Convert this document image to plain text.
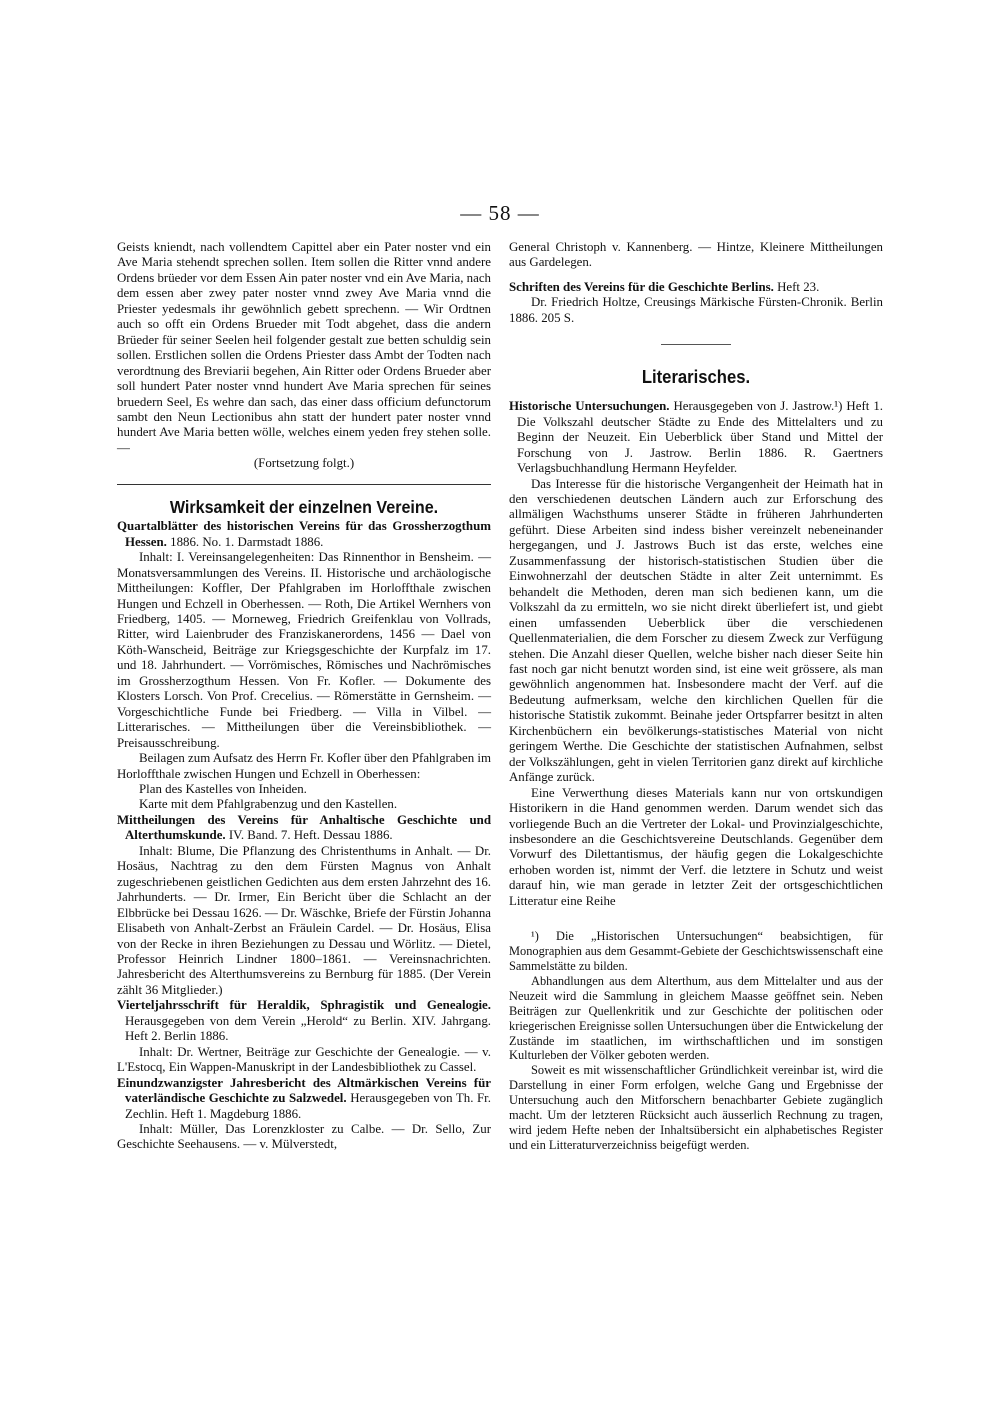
— 58 —

Geists kniendt, nach vollendtem Capittel aber ein Pater noster vnd ein Ave Maria stehendt sprechen sollen. Item sollen die Ritter vnnd andere Ordens brüeder vor dem Essen Ain pater noster vnd ein Ave Maria, nach dem essen aber zwey pater noster vnnd zwey Ave Maria vnnd die Priester yedesmals ihr gewöhnlich gebett sprechenn. — Wir Ordtnen auch so offt ein Ordens Brueder mit Todt abgehet, dass die andern Brüeder für seiner Seelen heil folgender gestalt zue betten schuldig sein sollen. Erstlichen sollen die Ordens Priester dass Ambt der Todten nach verordtnung des Breviarii begehen, Ain Ritter oder Ordens Brueder aber soll hundert Pater noster vnnd hundert Ave Maria sprechen für seines bruedern Seel, Es wehre dan sach, das einer dass officium defunctorum sambt den Neun Lectionibus ahn statt der hundert pater noster vnnd hundert Ave Maria betten wölle, welches einem yeden frey stehen solle. —

(Fortsetzung folgt.)

Wirksamkeit der einzelnen Vereine.

Quartalblätter des historischen Vereins für das Grossherzogthum Hessen. 1886. No. 1. Darmstadt 1886.

Inhalt: I. Vereinsangelegenheiten: Das Rinnenthor in Bensheim. — Monatsversammlungen des Vereins. II. Historische und archäologische Mittheilungen: Koffler, Der Pfahlgraben im Horloffthale zwischen Hungen und Echzell in Oberhessen. — Roth, Die Artikel Wernhers von Friedberg, 1405. — Morneweg, Friedrich Greifenklau von Vollrads, Ritter, wird Laienbruder des Franziskanerordens, 1456 — Dael von Köth-Wanscheid, Beiträge zur Kriegsgeschichte der Kurpfalz im 17. und 18. Jahrhundert. — Vorrömisches, Römisches und Nachrömisches im Grossherzogthum Hessen. Von Fr. Kofler. — Dokumente des Klosters Lorsch. Von Prof. Crecelius. — Römerstätte in Gernsheim. — Vorgeschichtliche Funde bei Friedberg. — Villa in Vilbel. — Litterarisches. — Mittheilungen über die Vereinsbibliothek. — Preisausschreibung.

Beilagen zum Aufsatz des Herrn Fr. Kofler über den Pfahlgraben im Horloffthale zwischen Hungen und Echzell in Oberhessen:

Plan des Kastelles von Inheiden.

Karte mit dem Pfahlgrabenzug und den Kastellen.

Mittheilungen des Vereins für Anhaltische Geschichte und Alterthumskunde. IV. Band. 7. Heft. Dessau 1886.

Inhalt: Blume, Die Pflanzung des Christenthums in Anhalt. — Dr. Hosäus, Nachtrag zu den dem Fürsten Magnus von Anhalt zugeschriebenen geistlichen Gedichten aus dem ersten Jahrzehnt des 16. Jahrhunderts. — Dr. Irmer, Ein Bericht über die Schlacht an der Elbbrücke bei Dessau 1626. — Dr. Wäschke, Briefe der Fürstin Johanna Elisabeth von Anhalt-Zerbst an Fräulein Cardel. — Dr. Hosäus, Elisa von der Recke in ihren Beziehungen zu Dessau und Wörlitz. — Dietel, Professor Heinrich Lindner 1800–1861. — Vereinsnachrichten. Jahresbericht des Alterthumsvereins zu Bernburg für 1885. (Der Verein zählt 36 Mitglieder.)

Vierteljahrsschrift für Heraldik, Sphragistik und Genealogie. Herausgegeben von dem Verein „Herold“ zu Berlin. XIV. Jahrgang. Heft 2. Berlin 1886.

Inhalt: Dr. Wertner, Beiträge zur Geschichte der Genealogie. — v. L'Estocq, Ein Wappen-Manuskript in der Landesbibliothek zu Cassel.

Einundzwanzigster Jahresbericht des Altmärkischen Vereins für vaterländische Geschichte zu Salzwedel. Herausgegeben von Th. Fr. Zechlin. Heft 1. Magdeburg 1886.

Inhalt: Müller, Das Lorenzkloster zu Calbe. — Dr. Sello, Zur Geschichte Seehausens. — v. Mülverstedt,

General Christoph v. Kannenberg. — Hintze, Kleinere Mittheilungen aus Gardelegen.

Schriften des Vereins für die Geschichte Berlins. Heft 23.

Dr. Friedrich Holtze, Creusings Märkische Fürsten-Chronik. Berlin 1886. 205 S.

Literarisches.

Historische Untersuchungen. Herausgegeben von J. Jastrow.¹) Heft 1. Die Volkszahl deutscher Städte zu Ende des Mittelalters und zu Beginn der Neuzeit. Ein Ueberblick über Stand und Mittel der Forschung von J. Jastrow. Berlin 1886. R. Gaertners Verlagsbuchhandlung Hermann Heyfelder.

Das Interesse für die historische Vergangenheit der Heimath hat in den verschiedenen deutschen Ländern auch zur Erforschung des allmäligen Wachsthums unserer Städte in früheren Jahrhunderten geführt. Diese Arbeiten sind indess bisher vereinzelt nebeneinander hergegangen, und J. Jastrows Buch ist das erste, welches eine Zusammenfassung der historisch-statistischen Studien über die Einwohnerzahl der deutschen Städte in alter Zeit unternimmt. Es behandelt die Methoden, deren man sich bedienen kann, um die Volkszahl da zu ermitteln, wo sie nicht direkt überliefert ist, und giebt einen umfassenden Ueberblick über die verschiedenen Quellenmaterialien, die dem Forscher zu diesem Zweck zur Verfügung stehen. Die Anzahl dieser Quellen, welche bisher nach dieser Seite hin fast noch gar nicht benutzt worden sind, ist eine weit grössere, als man gewöhnlich angenommen hat. Insbesondere macht der Verf. auf die Bedeutung aufmerksam, welche den kirchlichen Quellen für die historische Statistik zukommt. Beinahe jeder Ortspfarrer besitzt in alten Kirchenbüchern ein bevölkerungs-statistisches Material von nicht geringem Werthe. Die Geschichte der statistischen Aufnahmen, selbst der Volkszählungen, geht in vielen Territorien ganz direkt auf kirchliche Anfänge zurück.

Eine Verwerthung dieses Materials kann nur von ortskundigen Historikern in die Hand genommen werden. Darum wendet sich das vorliegende Buch an die Vertreter der Lokal- und Provinzialgeschichte, insbesondere an die Geschichtsvereine Deutschlands. Gegenüber dem Vorwurf des Dilettantismus, der häufig gegen die Lokalgeschichte erhoben worden ist, nimmt der Verf. die letztere in Schutz und weist darauf hin, wie man gerade in letzter Zeit der ortsgeschichtlichen Litteratur eine Reihe

¹) Die „Historischen Untersuchungen“ beabsichtigen, für Monographien aus dem Gesammt-Gebiete der Geschichtswissenschaft eine Sammelstätte zu bilden.

Abhandlungen aus dem Alterthum, aus dem Mittelalter und aus der Neuzeit wird die Sammlung in gleichem Maasse geöffnet sein. Neben Beiträgen zur Quellenkritik und zur Geschichte der politischen oder kriegerischen Ereignisse sollen Untersuchungen über die Entwickelung der Zustände im staatlichen, im wirthschaftlichen und im sonstigen Kulturleben der Völker geboten werden.

Soweit es mit wissenschaftlicher Gründlichkeit vereinbar ist, wird die Darstellung in einer Form erfolgen, welche Gang und Ergebnisse der Untersuchung auch den Mitforschern benachbarter Gebiete zugänglich macht. Um der letzteren Rücksicht auch äusserlich Rechnung zu tragen, wird jedem Hefte neben der Inhaltsübersicht ein alphabetisches Register und ein Litteraturverzeichniss beigefügt werden.
